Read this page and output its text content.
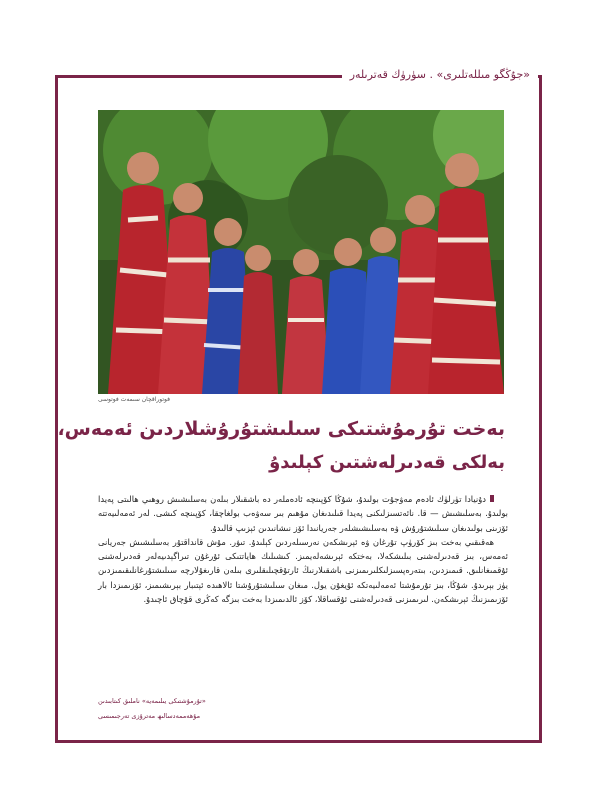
«جۇڭگو مىللەتلىرى» . سۈرۈك قەترىلەر
فوتوراقچان سىمەت فوتوسى
بەخت تۇرمۇشتىكى سىلىشتۇرۇشلاردىن ئەمەس،
بەلكى قەدىرلەشتىن كېلىدۇ

دۇنيادا تۈرلۈك ئادەم مەۋجۇت بولىدۇ، شۇڭا كۆپىنچە ئادەملەر دە باشقىلار بىلەن بەسلىشىش روھىي ھالىتى پەيدا بولىدۇ. بەسلىشىش — قا. نائەتسىزلىكنى پەيدا قىلىدىغان مۇھىم بىر سەۋەب بولغاچقا، كۆپىنچە كىشى. لەر ئەمەلىيەتتە ئۆزىنى بولىدىغان سىلىشتۇرۇش ۋە بەسلىشىشلەر جەريانىدا ئۆز نىشانىدىن ئېزىپ قالىدۇ.

ھەقىقىي بەخت بىز كۆرۈپ تۇرغان ۋە ئېرىشكەن نەرسىلەردىن كېلىدۇ. تىۋر. مۇش قانداقتۇر بەسلىشىش جەريانى ئەمەس، بىز قەدىرلەشنى بىلىشكەلا، بەختكە ئېرىشەلەيمىز. كىشىلىك ھاياتتىكى ئۇرغۇن تىراگېدىيەلەر قەدىرلەشنى ئۇقمىغانلىق. قىمىزدىن، بىتەرەپسىزلىكلىرىمىزنى باشقىلارنىڭ ئارتۇقچىلىقلىرى بىلەن قارىغۇلارچە سىلىشتۇرغانلىقىمىزدىن يۈز بېرىدۇ. شۇڭا، بىز تۇرمۇشتا ئەمەلىيەتكە ئۇيغۇن يول. مىغان سىلىشتۇرۇشتا ئالاھىدە ئېتىبار بېرىشىمىز، ئۆزىمىزدا بار ئۆزىمىزنىڭ ئېرىشكەن. لىرىمىزنى قەدىرلەشنى ئۇقساقلا، كۆز ئالدىمىزدا بەخت بىزگە كەڭرى قۇچاق ئاچىدۇ.

«تۇرمۇشتىكى يىلىمەيە» ناملىق كىتابىدىن
مۇھەممەدسالىھ مەترۇزى تەرجىمىسى
